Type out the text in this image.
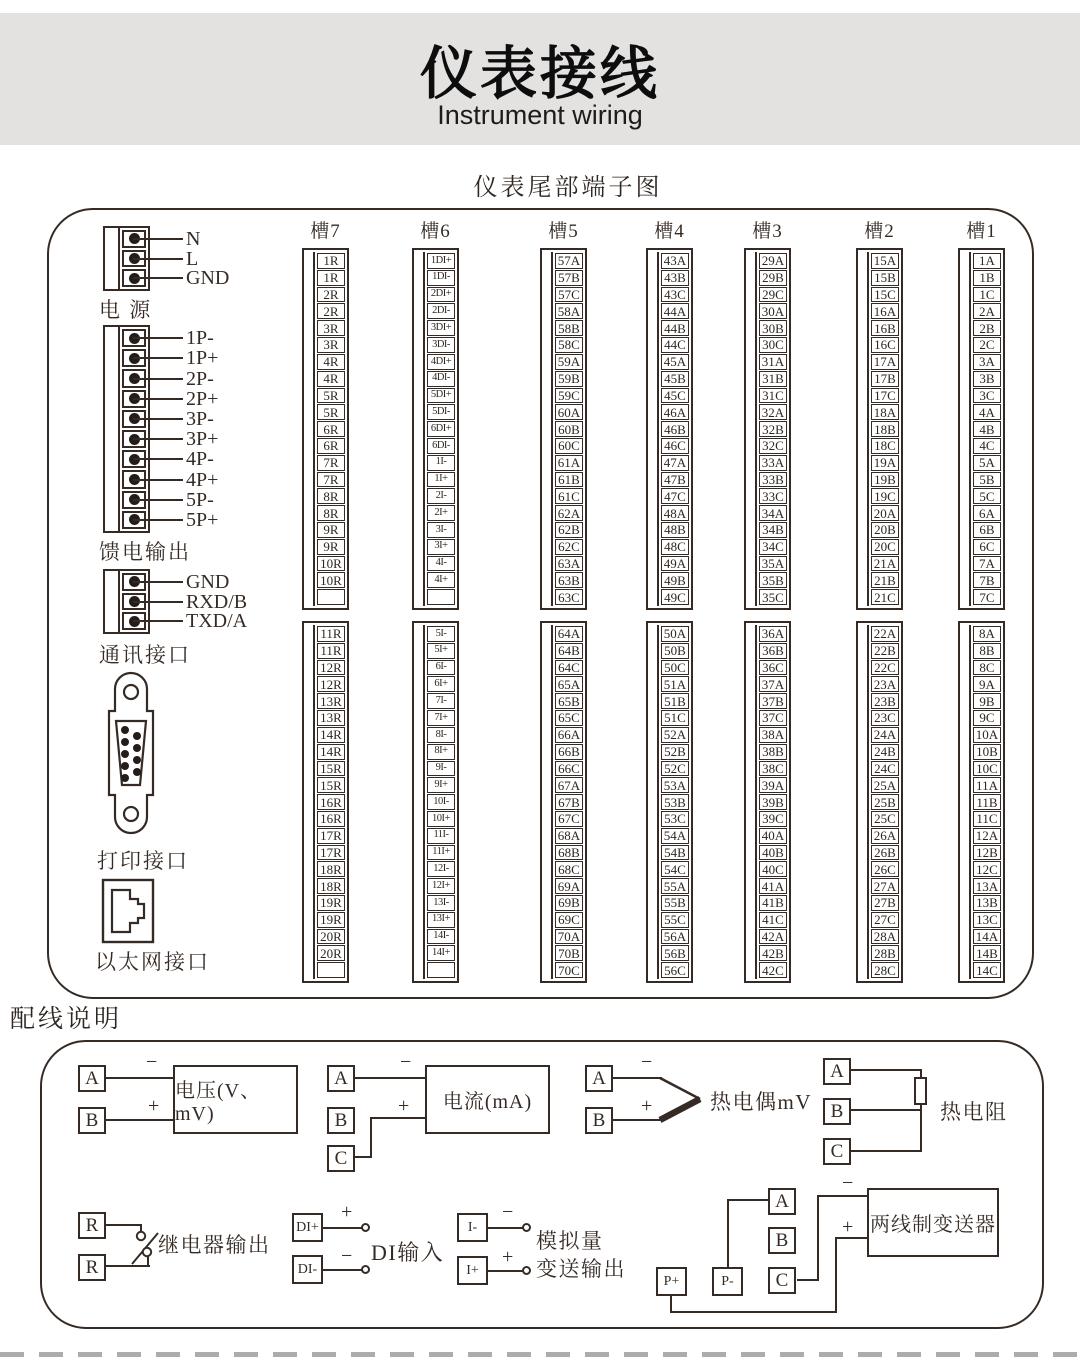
仪表接线
Instrument wiring
仪表尾部端子图
电 源
馈电输出
通讯接口
打印接口
以太网接口
槽7
1R
1R
2R
2R
3R
3R
4R
4R
5R
5R
6R
6R
7R
7R
8R
8R
9R
9R
10R
10R
11R
11R
12R
12R
13R
13R
14R
14R
15R
15R
16R
16R
17R
17R
18R
18R
19R
19R
20R
20R
槽6
1DI+
1DI-
2DI+
2DI-
3DI+
3DI-
4DI+
4DI-
5DI+
5DI-
6DI+
6DI-
1I-
1I+
2I-
2I+
3I-
3I+
4I-
4I+
5I-
5I+
6I-
6I+
7I-
7I+
8I-
8I+
9I-
9I+
10I-
10I+
11I-
11I+
12I-
12I+
13I-
13I+
14I-
14I+
槽5
57A
57B
57C
58A
58B
58C
59A
59B
59C
60A
60B
60C
61A
61B
61C
62A
62B
62C
63A
63B
63C
64A
64B
64C
65A
65B
65C
66A
66B
66C
67A
67B
67C
68A
68B
68C
69A
69B
69C
70A
70B
70C
槽4
43A
43B
43C
44A
44B
44C
45A
45B
45C
46A
46B
46C
47A
47B
47C
48A
48B
48C
49A
49B
49C
50A
50B
50C
51A
51B
51C
52A
52B
52C
53A
53B
53C
54A
54B
54C
55A
55B
55C
56A
56B
56C
槽3
29A
29B
29C
30A
30B
30C
31A
31B
31C
32A
32B
32C
33A
33B
33C
34A
34B
34C
35A
35B
35C
36A
36B
36C
37A
37B
37C
38A
38B
38C
39A
39B
39C
40A
40B
40C
41A
41B
41C
42A
42B
42C
槽2
15A
15B
15C
16A
16B
16C
17A
17B
17C
18A
18B
18C
19A
19B
19C
20A
20B
20C
21A
21B
21C
22A
22B
22C
23A
23B
23C
24A
24B
24C
25A
25B
25C
26A
26B
26C
27A
27B
27C
28A
28B
28C
槽1
1A
1B
1C
2A
2B
2C
3A
3B
3C
4A
4B
4C
5A
5B
5C
6A
6B
6C
7A
7B
7C
8A
8B
8C
9A
9B
9C
10A
10B
10C
11A
11B
11C
12A
12B
12C
13A
13B
13C
14A
14B
14C
N
L
GND
1P-
1P+
2P-
2P+
3P-
3P+
4P-
4P+
5P-
5P+
GND
RXD/B
TXD/A
配线说明
A
B
−
+
电压(V、mV)
A
B
C
−
+	电流(mA)
A
B
−
+	热电偶mV
A
B
C
热电阻
R
R
继电器输出
DI+
DI-
+
− DI输入
I-
I+
−
+
模拟量
变送输出
A
B
C
P+	P-
两线制变送器
−
+
